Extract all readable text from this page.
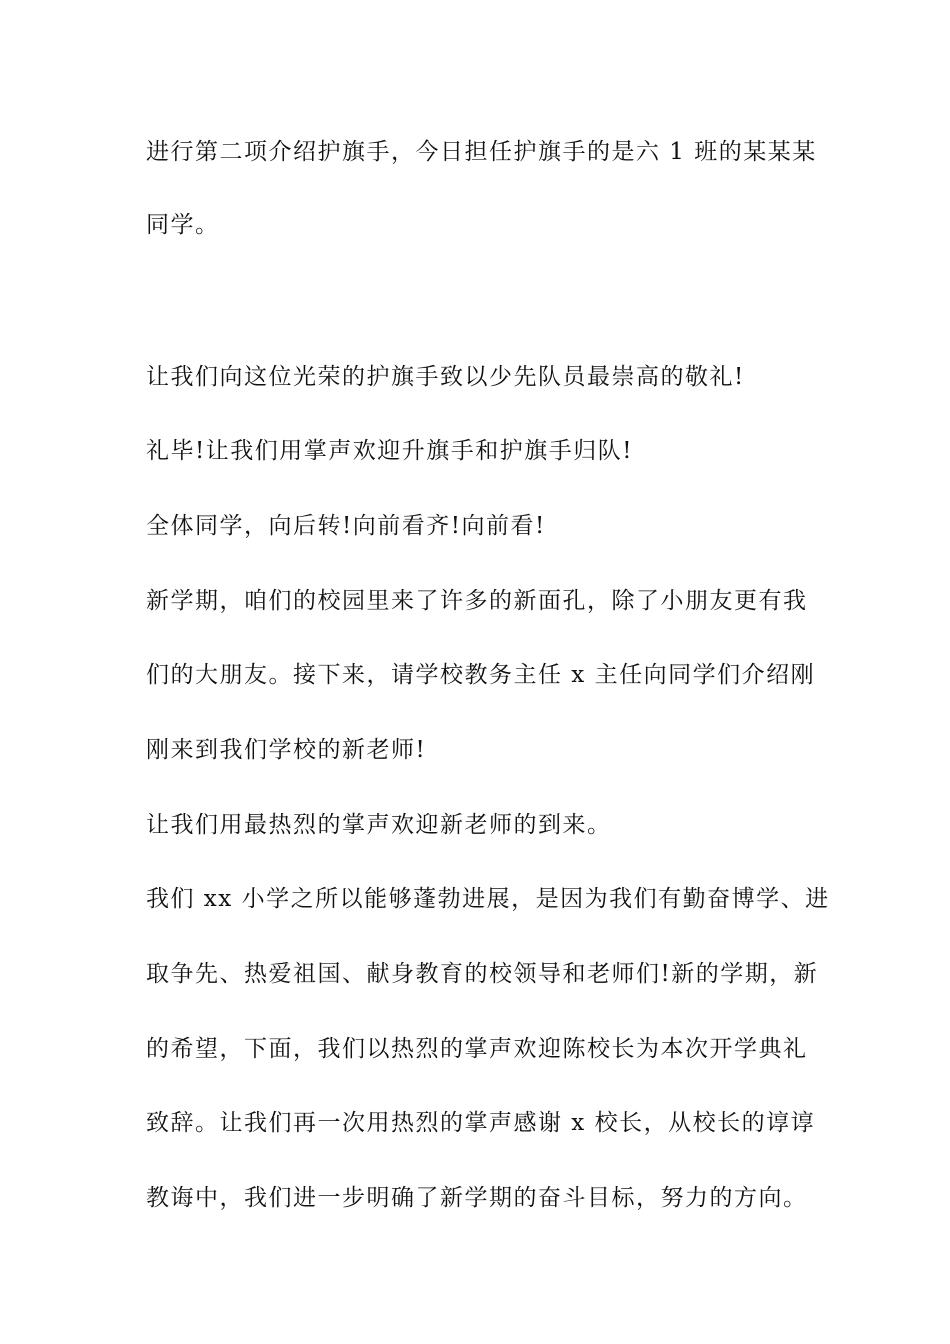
进行第二项介绍护旗手，今日担任护旗手的是六 1 班的某某某
同学。
让我们向这位光荣的护旗手致以少先队员最崇高的敬礼!
礼毕!让我们用掌声欢迎升旗手和护旗手归队!
全体同学，向后转!向前看齐!向前看!
新学期，咱们的校园里来了许多的新面孔，除了小朋友更有我
们的大朋友。接下来，请学校教务主任 x 主任向同学们介绍刚
刚来到我们学校的新老师!
让我们用最热烈的掌声欢迎新老师的到来。
我们 xx 小学之所以能够蓬勃进展，是因为我们有勤奋博学、进
取争先、热爱祖国、献身教育的校领导和老师们!新的学期，新
的希望，下面，我们以热烈的掌声欢迎陈校长为本次开学典礼
致辞。让我们再一次用热烈的掌声感谢 x 校长，从校长的谆谆
教诲中，我们进一步明确了新学期的奋斗目标，努力的方向。
